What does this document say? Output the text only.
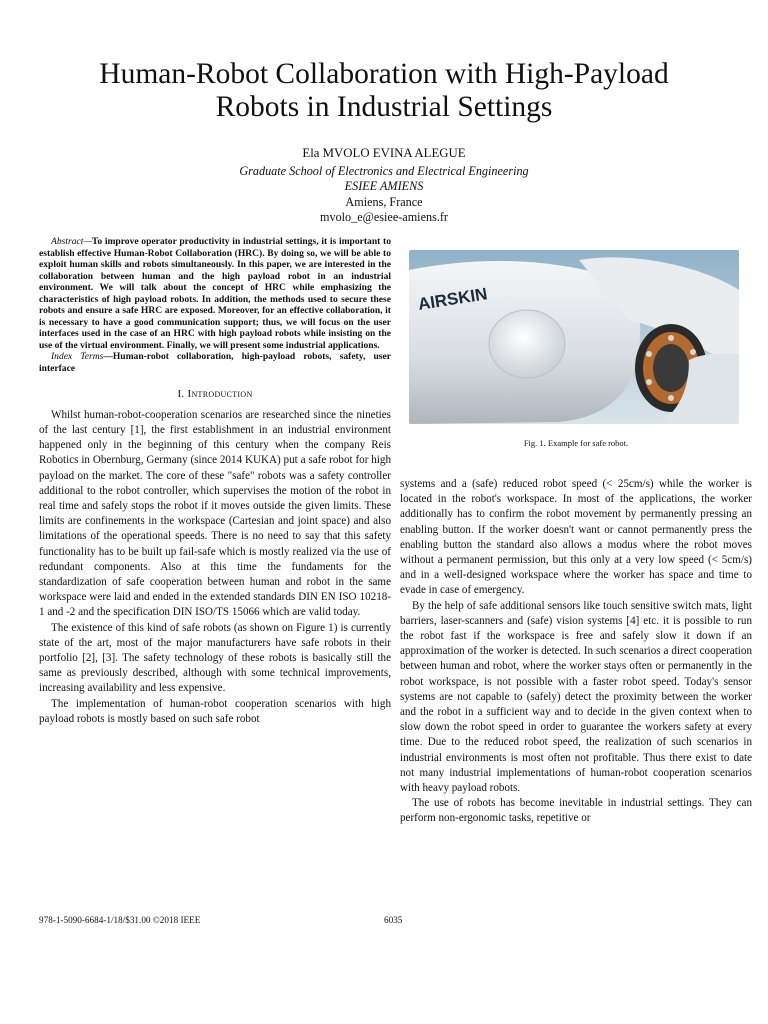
Human-Robot Collaboration with High-Payload Robots in Industrial Settings
Ela MVOLO EVINA ALEGUE
Graduate School of Electronics and Electrical Engineering
ESIEE AMIENS
Amiens, France
mvolo_e@esiee-amiens.fr

Abstract—To improve operator productivity in industrial settings, it is important to establish effective Human-Robot Collaboration (HRC). By doing so, we will be able to exploit human skills and robots simultaneously. In this paper, we are interested in the collaboration between human and the high payload robot in an industrial environment. We will talk about the concept of HRC while emphasizing the characteristics of high payload robots. In addition, the methods used to secure these robots and ensure a safe HRC are exposed. Moreover, for an effective collaboration, it is necessary to have a good communication support; thus, we will focus on the user interfaces used in the case of an HRC with high payload robots while insisting on the use of the virtual environment. Finally, we will present some industrial applications.

Index Terms—Human-robot collaboration, high-payload robots, safety, user interface

I. Introduction

Whilst human-robot-cooperation scenarios are researched since the nineties of the last century [1], the first establishment in an industrial environment happened only in the beginning of this century when the company Reis Robotics in Obernburg, Germany (since 2014 KUKA) put a safe robot for high payload on the market. The core of these "safe" robots was a safety controller additional to the robot controller, which supervises the motion of the robot in real time and safely stops the robot if it moves outside the given limits. These limits are confinements in the workspace (Cartesian and joint space) and also limitations of the operational speeds. There is no need to say that this safety functionality has to be built up fail-safe which is mostly realized via the use of redundant components. Also at this time the fundaments for the standardization of safe cooperation between human and robot in the same workspace were laid and ended in the extended standards DIN EN ISO 10218-1 and -2 and the specification DIN ISO/TS 15066 which are valid today.

The existence of this kind of safe robots (as shown on Figure 1) is currently state of the art, most of the major manufacturers have safe robots in their portfolio [2], [3]. The safety technology of these robots is basically still the same as previously described, although with some technical improvements, increasing availability and less expensive.

The implementation of human-robot cooperation scenarios with high payload robots is mostly based on such safe robot

AIRSKIN
Fig. 1. Example for safe robot.

systems and a (safe) reduced robot speed (< 25cm/s) while the worker is located in the robot's workspace. In most of the applications, the worker additionally has to confirm the robot movement by permanently pressing an enabling button. If the worker doesn't want or cannot permanently press the enabling button the standard also allows a modus where the robot moves without a permanent permission, but this only at a very low speed (< 5cm/s) and in a well-designed workspace where the worker has space and time to evade in case of emergency.

By the help of safe additional sensors like touch sensitive switch mats, light barriers, laser-scanners and (safe) vision systems [4] etc. it is possible to run the robot fast if the workspace is free and safely slow it down if an approximation of the worker is detected. In such scenarios a direct cooperation between human and robot, where the worker stays often or permanently in the robot workspace, is not possible with a faster robot speed. Today's sensor systems are not capable to (safely) detect the proximity between the worker and the robot in a sufficient way and to decide in the given context when to slow down the robot speed in order to guarantee the workers safety at every time. Due to the reduced robot speed, the realization of such scenarios in industrial environments is most often not profitable. Thus there exist to date not many industrial implementations of human-robot cooperation scenarios with heavy payload robots.

The use of robots has become inevitable in industrial settings. They can perform non-ergonomic tasks, repetitive or

978-1-5090-6684-1/18/$31.00 ©2018 IEEE	6035
